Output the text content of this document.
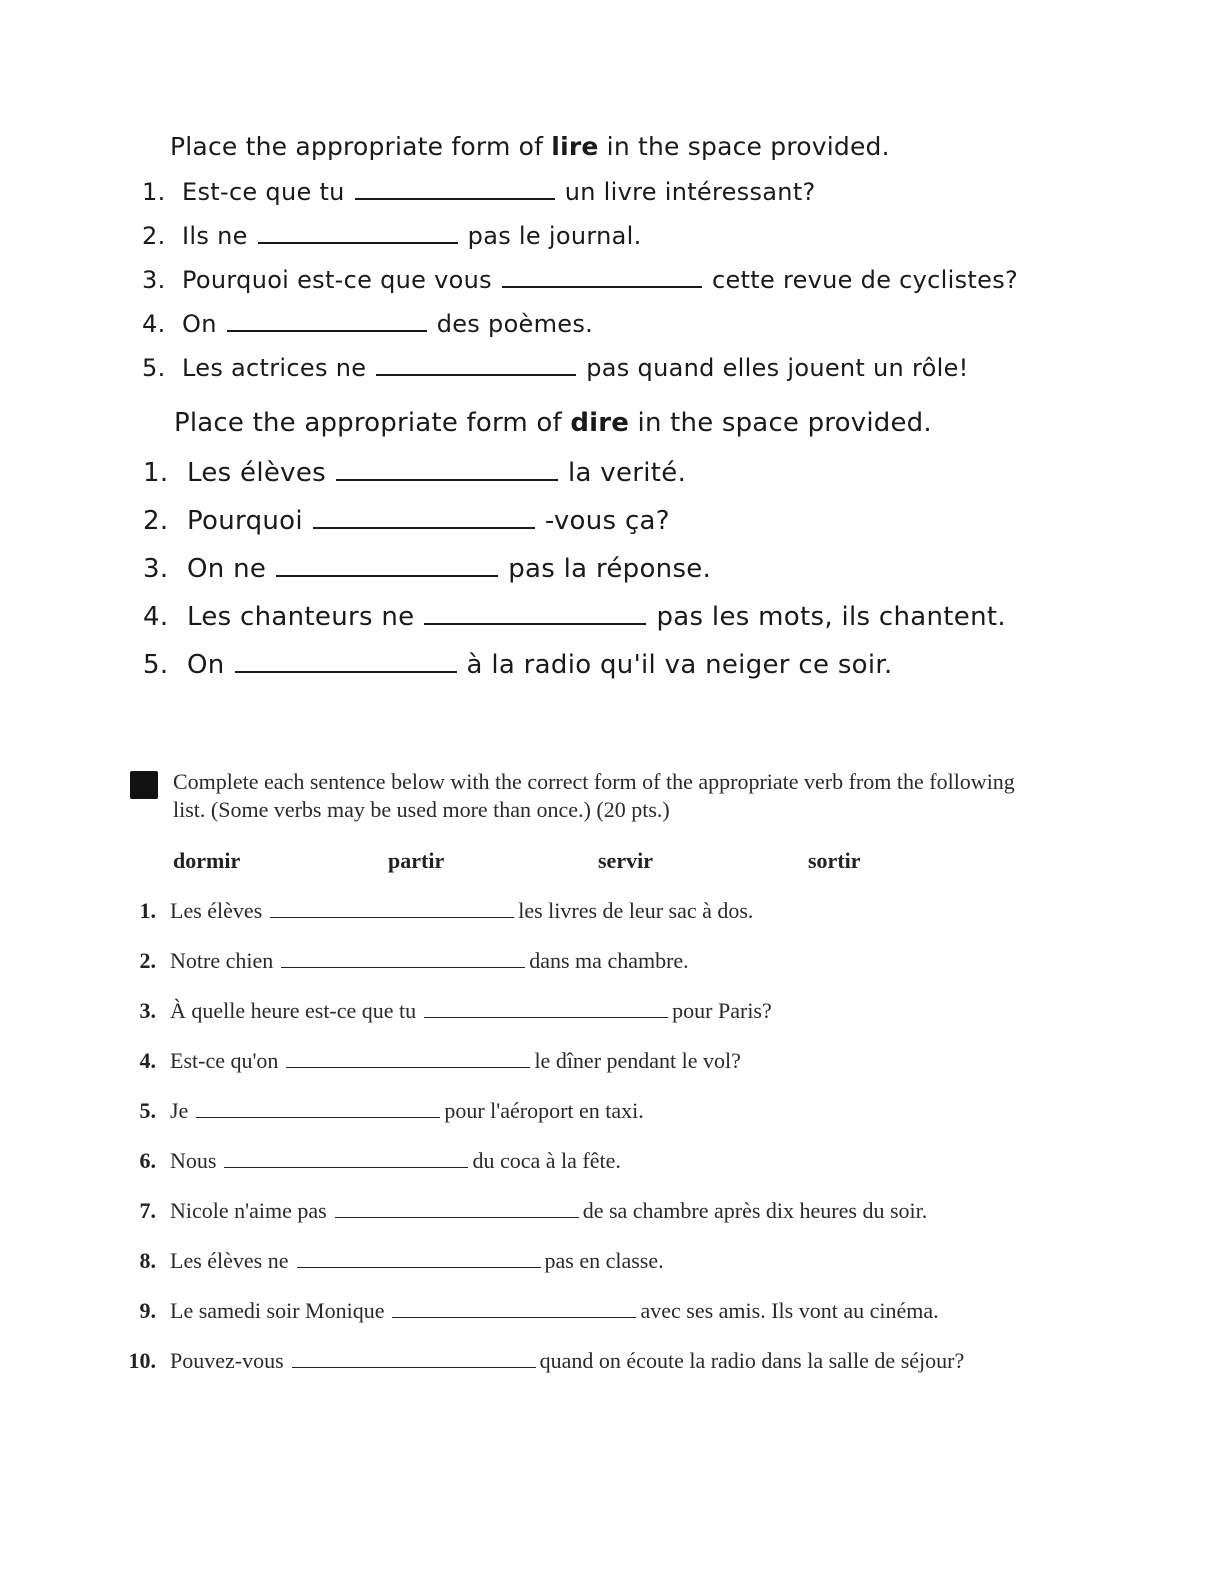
Place the appropriate form of lire in the space provided.
1. Est-ce que tu	un livre intéressant?
2. Ils ne	pas le journal.
3. Pourquoi est-ce que vous	cette revue de cyclistes?
4. On	des poèmes.
5. Les actrices ne	pas quand elles jouent un rôle!
Place the appropriate form of dire in the space provided.
1. Les élèves	la verité.
2. Pourquoi	-vous ça?
3. On ne	pas la réponse.
4. Les chanteurs ne	pas les mots, ils chantent.
5. On	à la radio qu'il va neiger ce soir.
Complete each sentence below with the correct form of the appropriate verb from the following list. (Some verbs may be used more than once.) (20 pts.)
dormir	partir	servir	sortir
1. Les élèves	les livres de leur sac à dos.
2. Notre chien	dans ma chambre.
3. À quelle heure est-ce que tu	pour Paris?
4. Est-ce qu'on	le dîner pendant le vol?
5. Je	pour l'aéroport en taxi.
6. Nous	du coca à la fête.
7. Nicole n'aime pas	de sa chambre après dix heures du soir.
8. Les élèves ne	pas en classe.
9. Le samedi soir Monique	avec ses amis. Ils vont au cinéma.
10. Pouvez-vous	quand on écoute la radio dans la salle de séjour?
